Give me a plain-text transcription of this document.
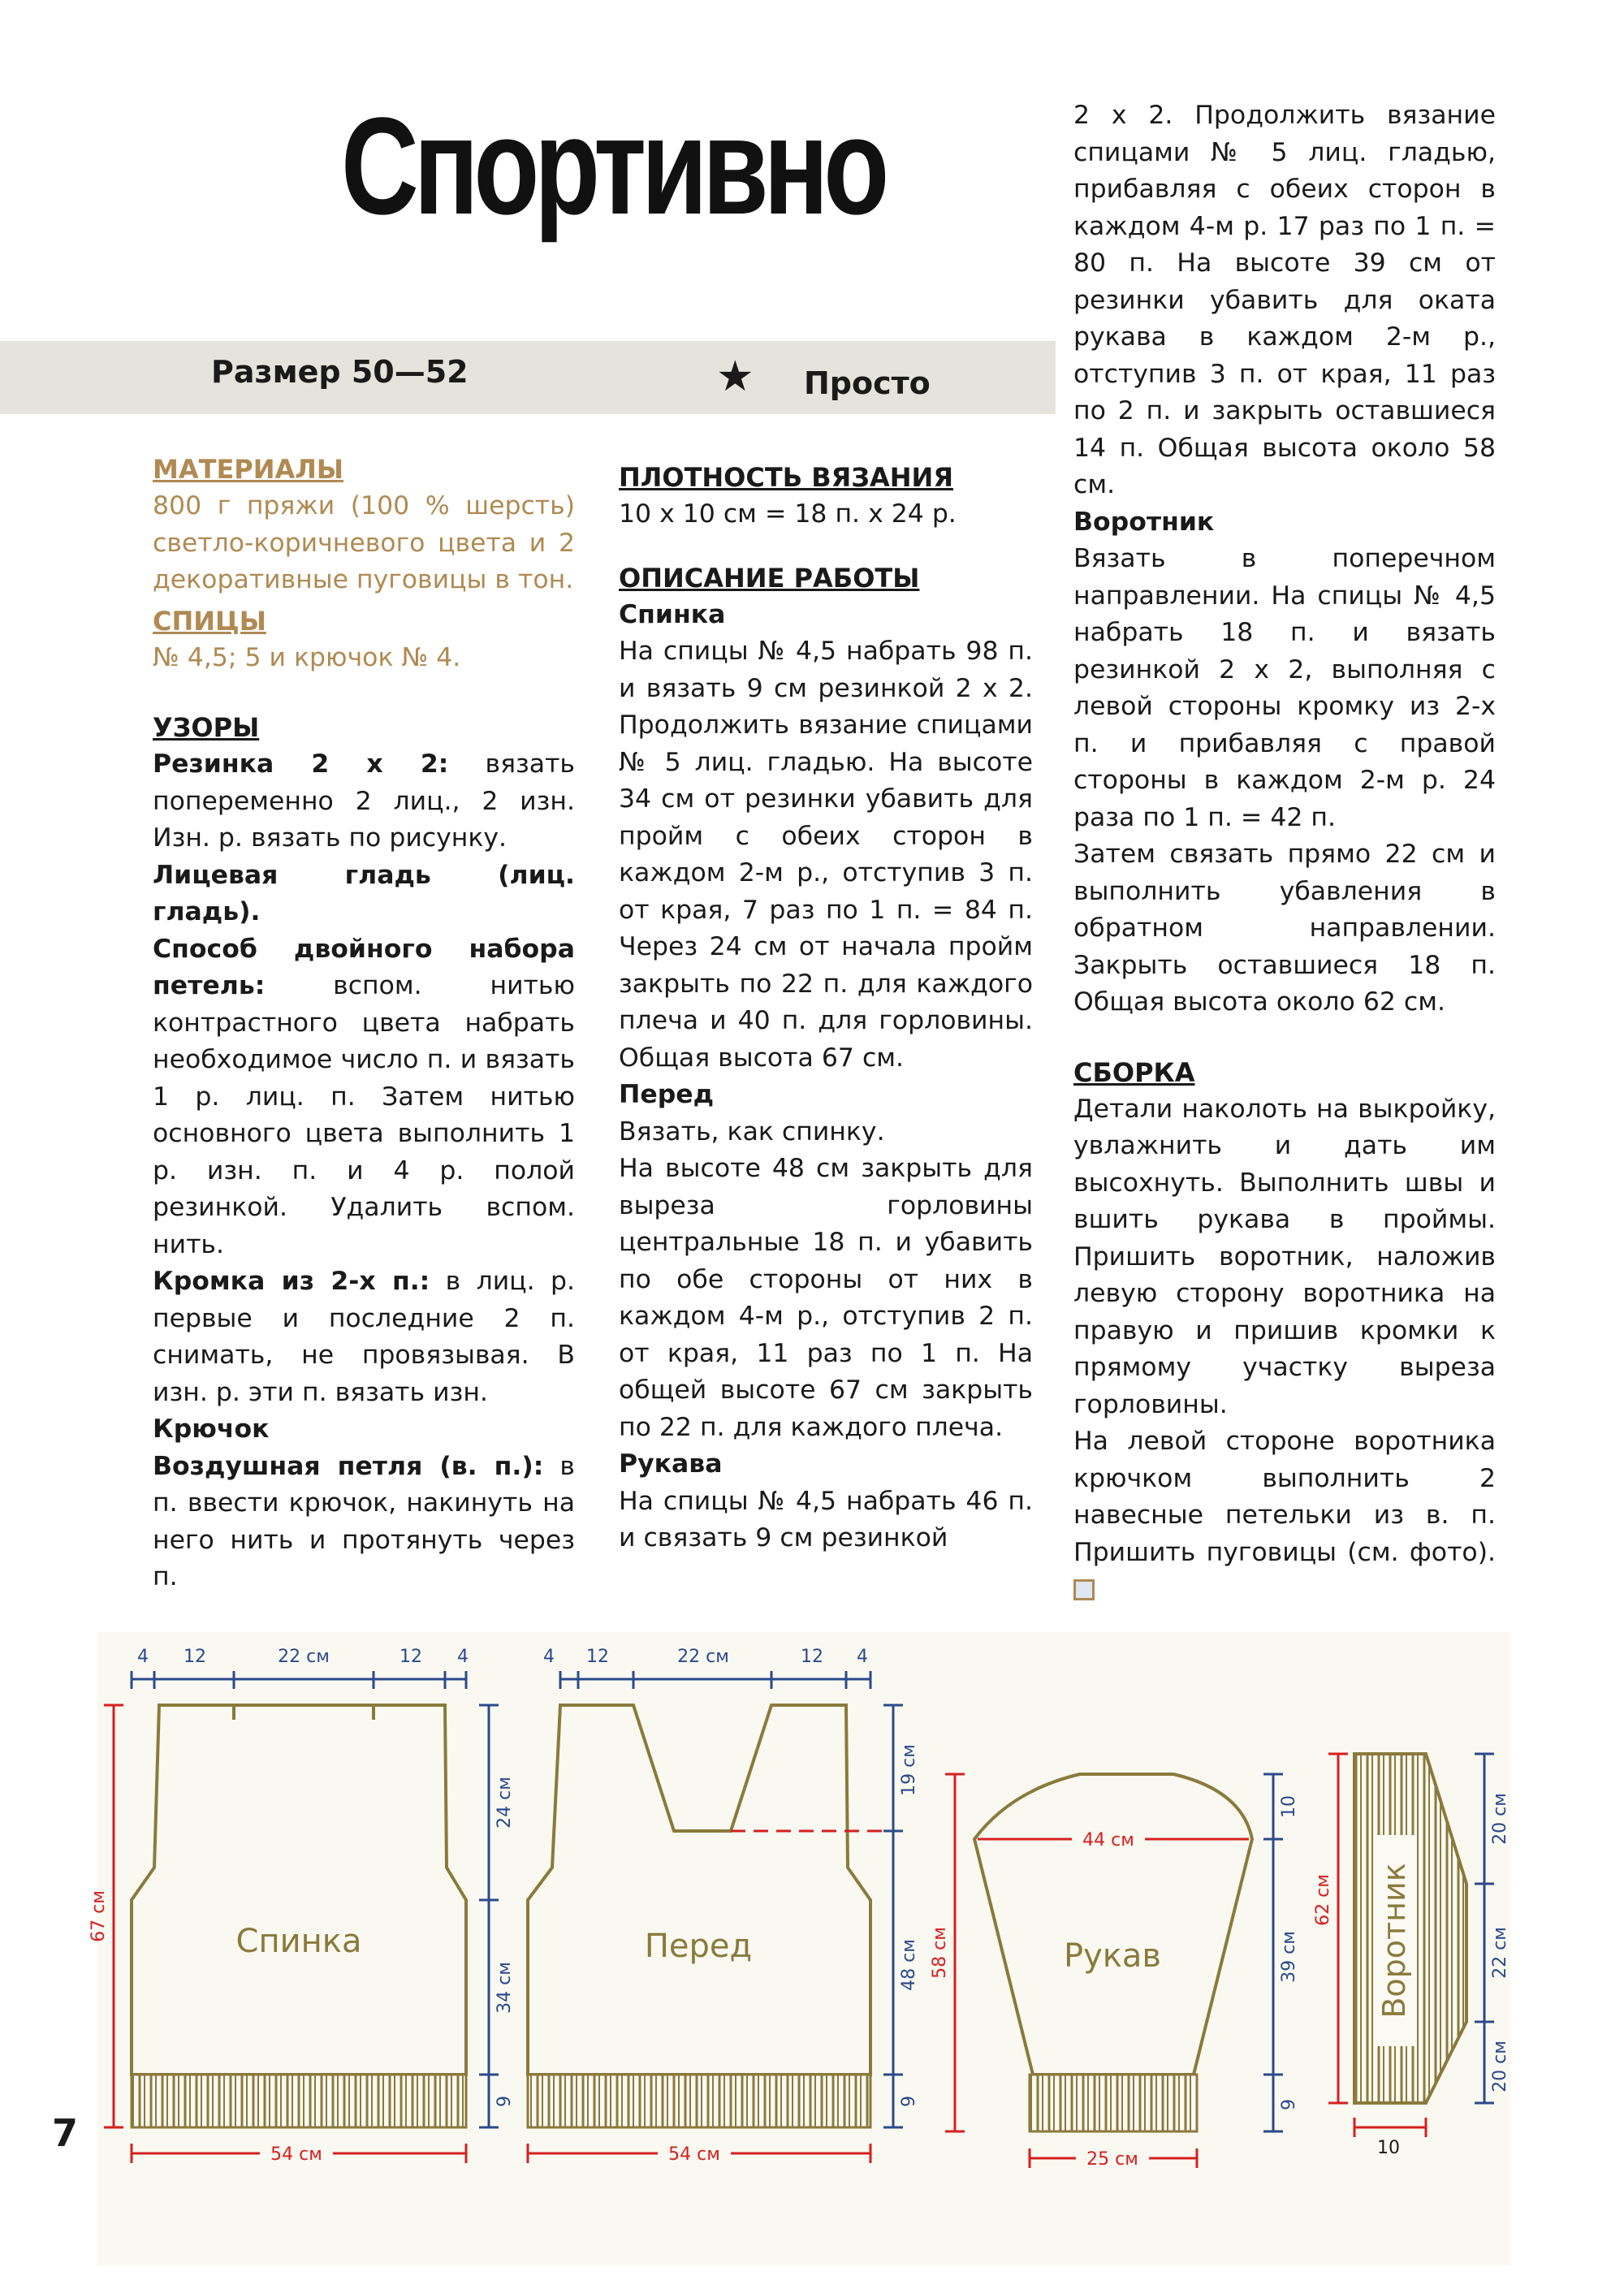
Спортивно
Размер 50—52	★ Просто

МАТЕРИАЛЫ

800 г пряжи (100 % шерсть) светло-коричневого цвета и 2 декоративные пуговицы в тон.

СПИЦЫ

№ 4,5; 5 и крючок № 4.

УЗОРЫ

Резинка 2 х 2: вязать попеременно 2 лиц., 2 изн. Изн. р. вязать по рисунку.

Лицевая гладь (лиц. гладь).

Способ двойного набора петель: вспом. нитью контрастного цвета набрать необходимое число п. и вязать 1 р. лиц. п. Затем нитью основного цвета выполнить 1 р. изн. п. и 4 р. полой резинкой. Удалить вспом. нить.

Кромка из 2-х п.: в лиц. р. первые и последние 2 п. снимать, не провязывая. В изн. р. эти п. вязать изн.

Крючок

Воздушная петля (в. п.): в п. ввести крючок, накинуть на него нить и протянуть через п.

ПЛОТНОСТЬ ВЯЗАНИЯ

10 х 10 см = 18 п. х 24 р.

ОПИСАНИЕ РАБОТЫ

Спинка

На спицы № 4,5 набрать 98 п. и вязать 9 см резинкой 2 х 2. Продолжить вязание спицами № 5 лиц. гладью. На высоте 34 см от резинки убавить для пройм с обеих сторон в каждом 2-м р., отступив 3 п. от края, 7 раз по 1 п. = 84 п. Через 24 см от начала пройм закрыть по 22 п. для каждого плеча и 40 п. для горловины. Общая высота 67 см.

Перед

Вязать, как спинку.

На высоте 48 см закрыть для выреза горловины центральные 18 п. и убавить по обе стороны от них в каждом 4-м р., отступив 2 п. от края, 11 раз по 1 п. На общей высоте 67 см закрыть по 22 п. для каждого плеча.

Рукава

На спицы № 4,5 набрать 46 п. и связать 9 см резинкой

2 х 2. Продолжить вязание спицами № 5 лиц. гладью, прибавляя с обеих сторон в каждом 4-м р. 17 раз по 1 п. = 80 п. На высоте 39 см от резинки убавить для оката рукава в каждом 2-м р., отступив 3 п. от края, 11 раз по 2 п. и закрыть оставшиеся 14 п. Общая высота около 58 см.

Воротник

Вязать в поперечном направлении. На спицы № 4,5 набрать 18 п. и вязать резинкой 2 х 2, выполняя с левой стороны кромку из 2-х п. и прибавляя с правой стороны в каждом 2-м р. 24 раза по 1 п. = 42 п.

Затем связать прямо 22 см и выполнить убавления в обратном направлении. Закрыть оставшиеся 18 п. Общая высота около 62 см.

СБОРКА

Детали наколоть на выкройку, увлажнить и дать им высохнуть. Выполнить швы и вшить рукава в проймы. Пришить воротник, наложив левую сторону воротника на правую и пришив кромки к прямому участку выреза горловины.

На левой стороне воротника крючком выполнить 2 навесные петельки из в. п. Пришить пуговицы (см. фото).

7
4 12	22 см	12 4
67 см
24 см
34 см
9
54 см
Спинка
4 12	22 см	12 4
19 см
48 см
9
54 см
Перед
44 см
58 см
10
39 см
9
25 см
Рукав	Воротник
62 см
20 см
22 см
20 см
10
